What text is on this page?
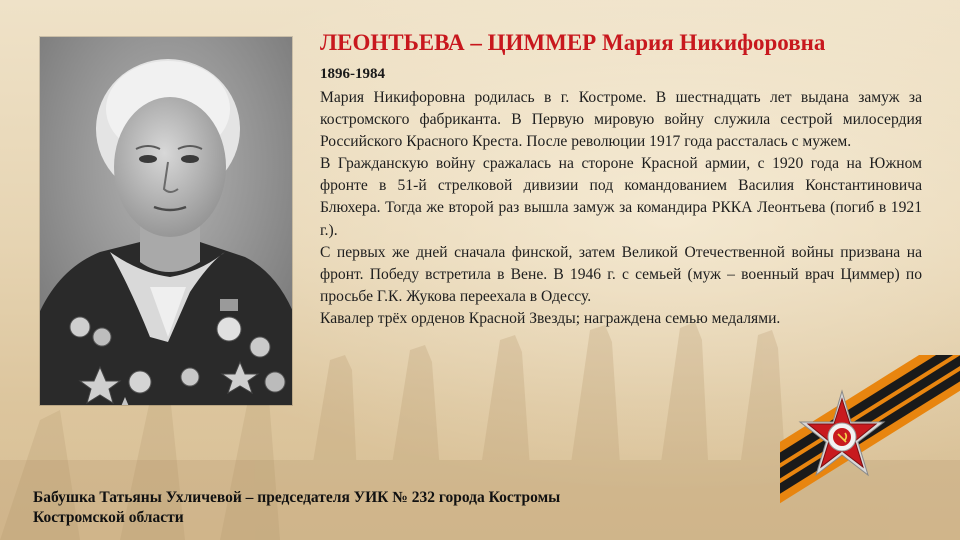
ЛЕОНТЬЕВА – ЦИММЕР Мария Никифоровна
1896-1984

Мария Никифоровна родилась в г. Костроме. В шестнадцать лет выдана замуж за костромского фабриканта. В Первую мировую войну служила сестрой милосердия Российского Красного Креста. После революции 1917 года рассталась с мужем.

В Гражданскую войну сражалась на стороне Красной армии, с 1920 года на Южном фронте в 51-й стрелковой дивизии под командованием Василия Константиновича Блюхера. Тогда же второй раз вышла замуж за командира РККА Леонтьева (погиб в 1921 г.).

С первых же дней сначала финской, затем Великой Отечественной войны призвана на фронт. Победу встретила в Вене. В 1946 г. с семьей (муж – военный врач Циммер) по просьбе Г.К. Жукова переехала в Одессу.

Кавалер трёх орденов Красной Звезды; награждена семью медалями.

Бабушка Татьяны Ухличевой – председателя УИК № 232 города Костромы
Костромской области
